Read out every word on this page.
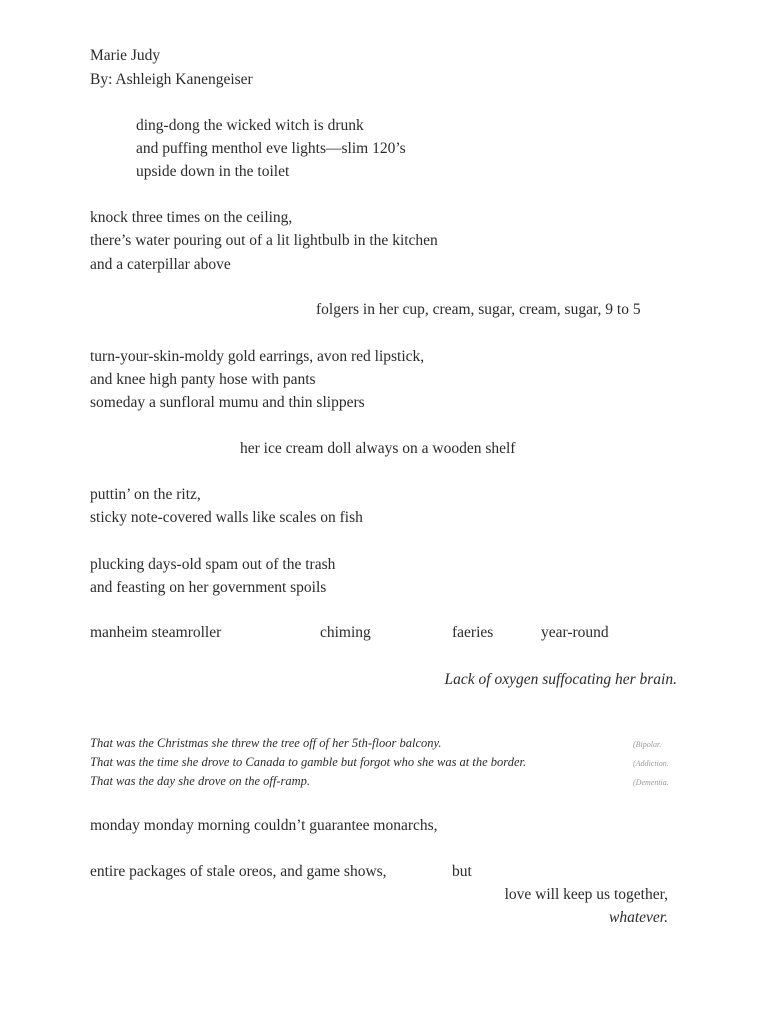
Marie Judy
By: Ashleigh Kanengeiser
ding-dong the wicked witch is drunk
and puffing menthol eve lights—slim 120’s
upside down in the toilet
knock three times on the ceiling,
there’s water pouring out of a lit lightbulb in the kitchen
and a caterpillar above
folgers in her cup, cream, sugar, cream, sugar, 9 to 5
turn-your-skin-moldy gold earrings, avon red lipstick,
and knee high panty hose with pants
someday a sunfloral mumu and thin slippers
her ice cream doll always on a wooden shelf
puttin’ on the ritz,
sticky note-covered walls like scales on fish
plucking days-old spam out of the trash
and feasting on her government spoils
manheim steamroller	chiming	faeries	year-round
Lack of oxygen suffocating her brain.
That was the Christmas she threw the tree off of her 5th-floor balcony.	(Bipolar.
That was the time she drove to Canada to gamble but forgot who she was at the border.	(Addiction.
That was the day she drove on the off-ramp.	(Dementia.
monday monday morning couldn’t guarantee monarchs,
entire packages of stale oreos, and game shows,	but
love will keep us together,
whatever.
